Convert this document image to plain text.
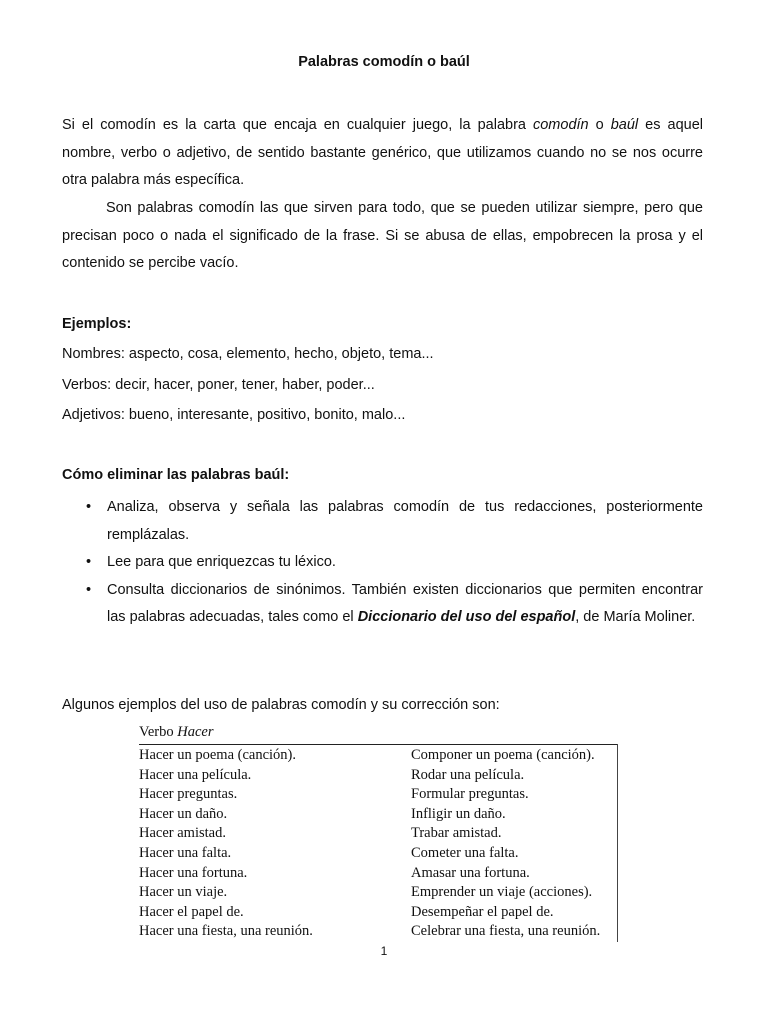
Palabras comodín o baúl

Si el comodín es la carta que encaja en cualquier juego, la palabra comodín o baúl es aquel nombre, verbo o adjetivo, de sentido bastante genérico, que utilizamos cuando no se nos ocurre otra palabra más específica.

Son palabras comodín las que sirven para todo, que se pueden utilizar siempre, pero que precisan poco o nada el significado de la frase. Si se abusa de ellas, empobrecen la prosa y el contenido se percibe vacío.

Ejemplos:
Nombres: aspecto, cosa, elemento, hecho, objeto, tema...
Verbos: decir, hacer, poner, tener, haber, poder...
Adjetivos: bueno, interesante, positivo, bonito, malo...
Cómo eliminar las palabras baúl:
• Analiza, observa y señala las palabras comodín de tus redacciones, posteriormente remplázalas.
• Lee para que enriquezcas tu léxico.
• Consulta diccionarios de sinónimos. También existen diccionarios que permiten encontrar las palabras adecuadas, tales como el Diccionario del uso del español, de María Moliner.
Algunos ejemplos del uso de palabras comodín y su corrección son:
Verbo Hacer
Hacer un poema (canción).	Componer un poema (canción).
Hacer una película.	Rodar una película.
Hacer preguntas.	Formular preguntas.
Hacer un daño.	Infligir un daño.
Hacer amistad.	Trabar amistad.
Hacer una falta.	Cometer una falta.
Hacer una fortuna.	Amasar una fortuna.
Hacer un viaje.	Emprender un viaje (acciones).
Hacer el papel de.	Desempeñar el papel de.
Hacer una fiesta, una reunión.	Celebrar una fiesta, una reunión.
1
